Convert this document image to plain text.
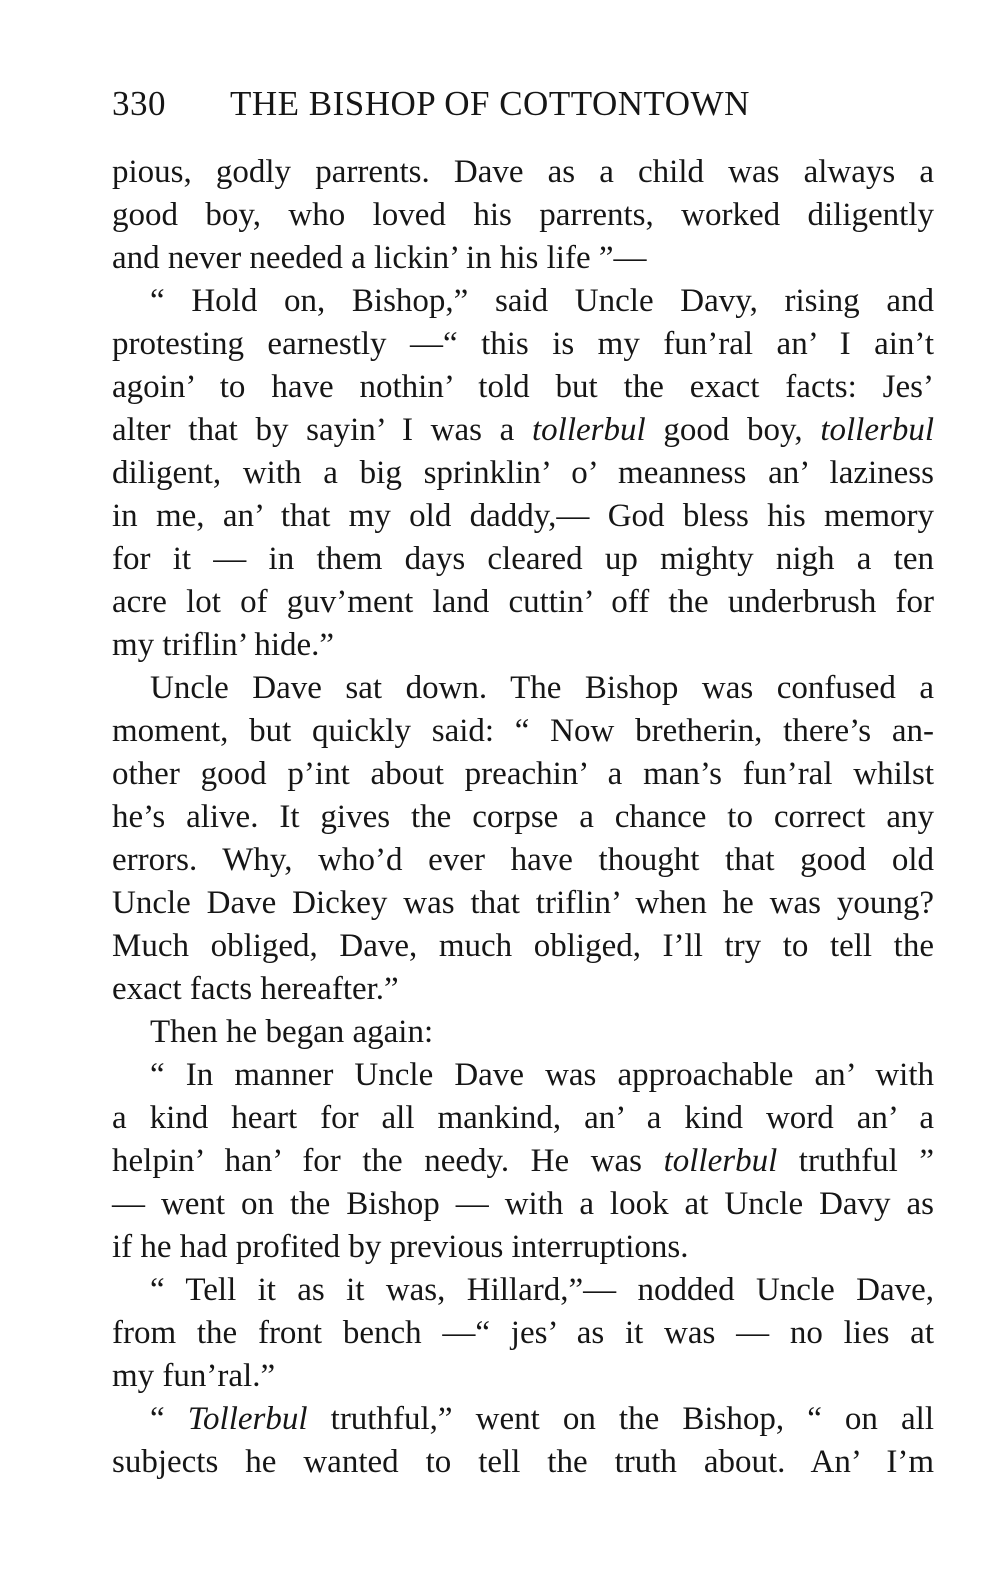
330 THE BISHOP OF COTTONTOWN
pious, godly parrents. Dave as a child was always a
good boy, who loved his parrents, worked diligently
and never needed a lickin’ in his life ”—
“ Hold on, Bishop,” said Uncle Davy, rising and
protesting earnestly —“ this is my fun’ral an’ I ain’t
agoin’ to have nothin’ told but the exact facts: Jes’
alter that by sayin’ I was a tollerbul good boy, tollerbul
diligent, with a big sprinklin’ o’ meanness an’ laziness
in me, an’ that my old daddy,— God bless his memory
for it — in them days cleared up mighty nigh a ten
acre lot of guv’ment land cuttin’ off the underbrush for
my triflin’ hide.”
Uncle Dave sat down. The Bishop was confused a
moment, but quickly said: “ Now bretherin, there’s an-
other good p’int about preachin’ a man’s fun’ral whilst
he’s alive. It gives the corpse a chance to correct any
errors. Why, who’d ever have thought that good old
Uncle Dave Dickey was that triflin’ when he was young?
Much obliged, Dave, much obliged, I’ll try to tell the
exact facts hereafter.”
Then he began again:
“ In manner Uncle Dave was approachable an’ with
a kind heart for all mankind, an’ a kind word an’ a
helpin’ han’ for the needy. He was tollerbul truthful ”
— went on the Bishop — with a look at Uncle Davy as
if he had profited by previous interruptions.
“ Tell it as it was, Hillard,”— nodded Uncle Dave,
from the front bench —“ jes’ as it was — no lies at
my fun’ral.”
“ Tollerbul truthful,” went on the Bishop, “ on all
subjects he wanted to tell the truth about. An’ I’m
